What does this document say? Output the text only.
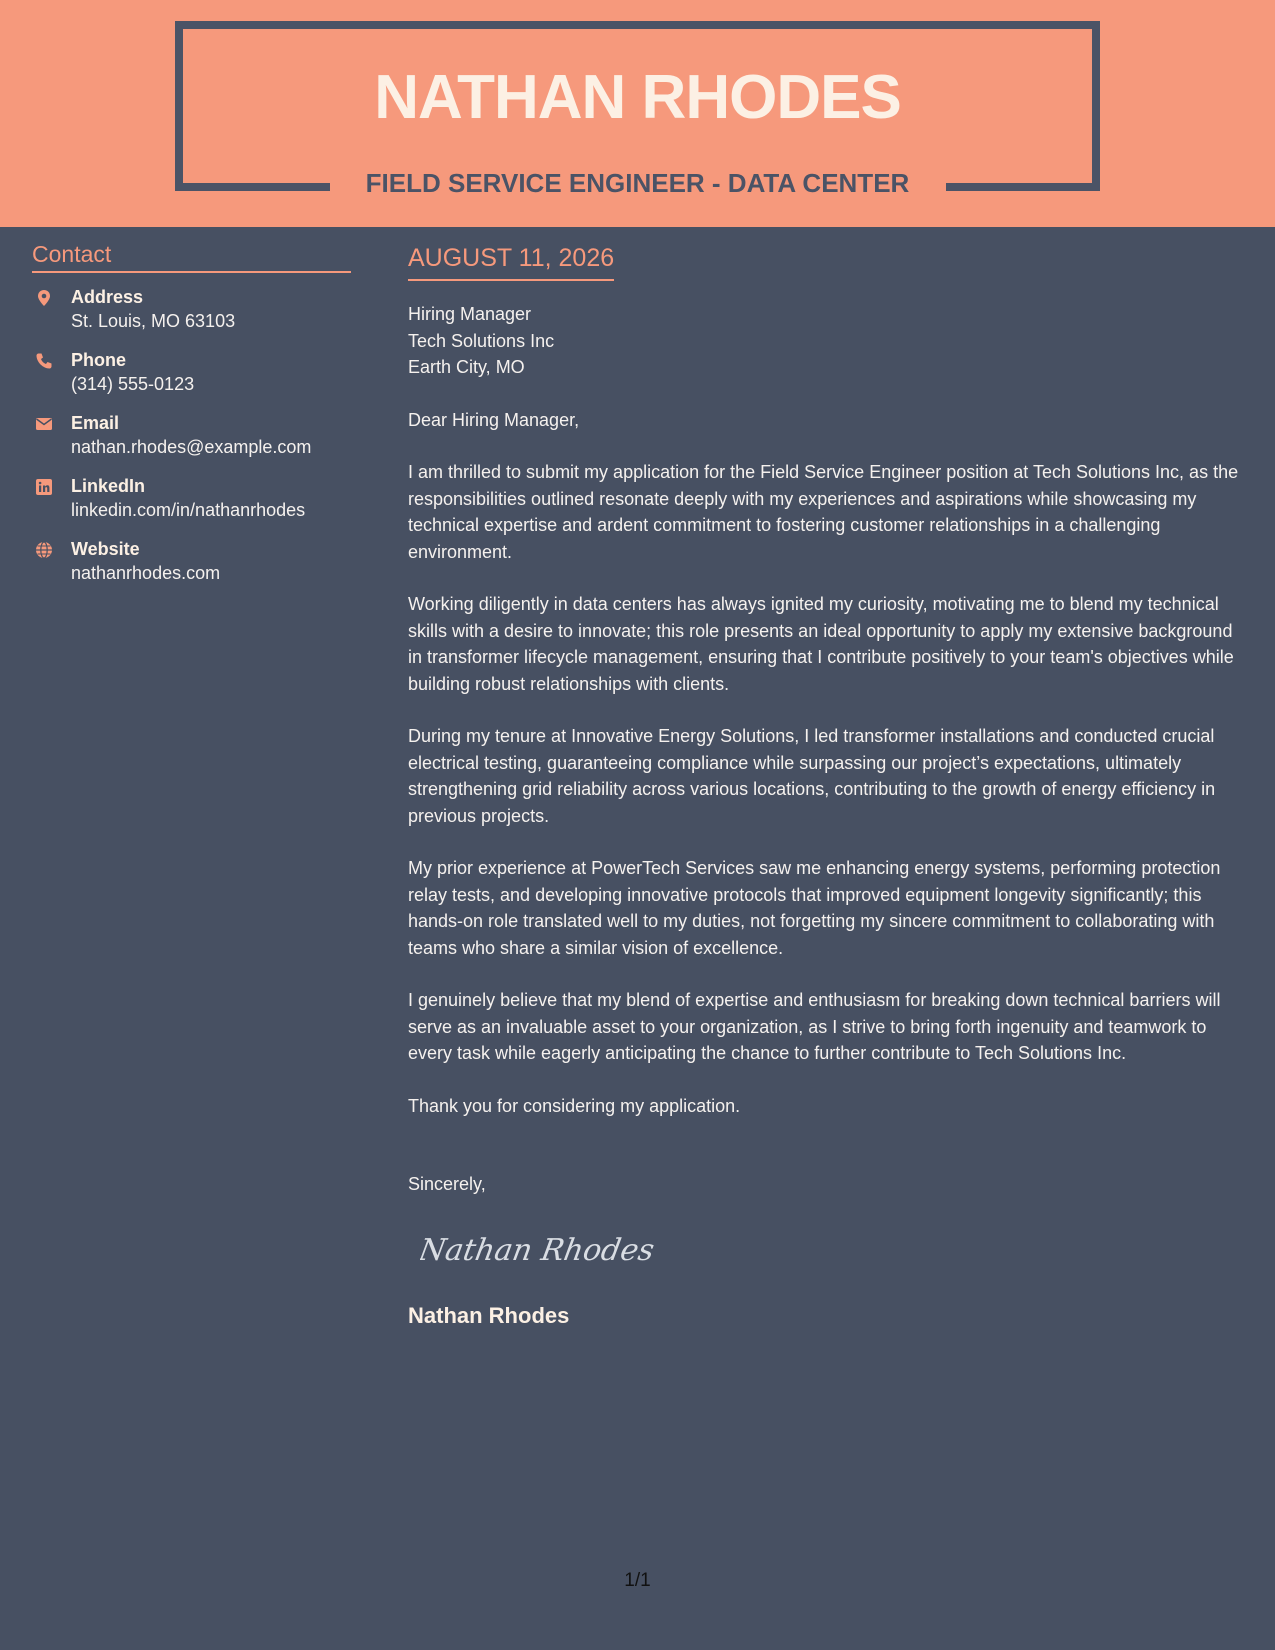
NATHAN RHODES
FIELD SERVICE ENGINEER - DATA CENTER
Contact
Address
St. Louis, MO 63103
Phone
(314) 555-0123
Email
nathan.rhodes@example.com
LinkedIn
linkedin.com/in/nathanrhodes
Website
nathanrhodes.com
AUGUST 11, 2026
Hiring Manager
Tech Solutions Inc
Earth City, MO
Dear Hiring Manager,
I am thrilled to submit my application for the Field Service Engineer position at Tech Solutions Inc, as the responsibilities outlined resonate deeply with my experiences and aspirations while showcasing my technical expertise and ardent commitment to fostering customer relationships in a challenging environment.
Working diligently in data centers has always ignited my curiosity, motivating me to blend my technical skills with a desire to innovate; this role presents an ideal opportunity to apply my extensive background in transformer lifecycle management, ensuring that I contribute positively to your team's objectives while building robust relationships with clients.
During my tenure at Innovative Energy Solutions, I led transformer installations and conducted crucial electrical testing, guaranteeing compliance while surpassing our project’s expectations, ultimately strengthening grid reliability across various locations, contributing to the growth of energy efficiency in previous projects.
My prior experience at PowerTech Services saw me enhancing energy systems, performing protection relay tests, and developing innovative protocols that improved equipment longevity significantly; this hands-on role translated well to my duties, not forgetting my sincere commitment to collaborating with teams who share a similar vision of excellence.
I genuinely believe that my blend of expertise and enthusiasm for breaking down technical barriers will serve as an invaluable asset to your organization, as I strive to bring forth ingenuity and teamwork to every task while eagerly anticipating the chance to further contribute to Tech Solutions Inc.
Thank you for considering my application.
Sincerely,
Nathan Rhodes
Nathan Rhodes
1/1
